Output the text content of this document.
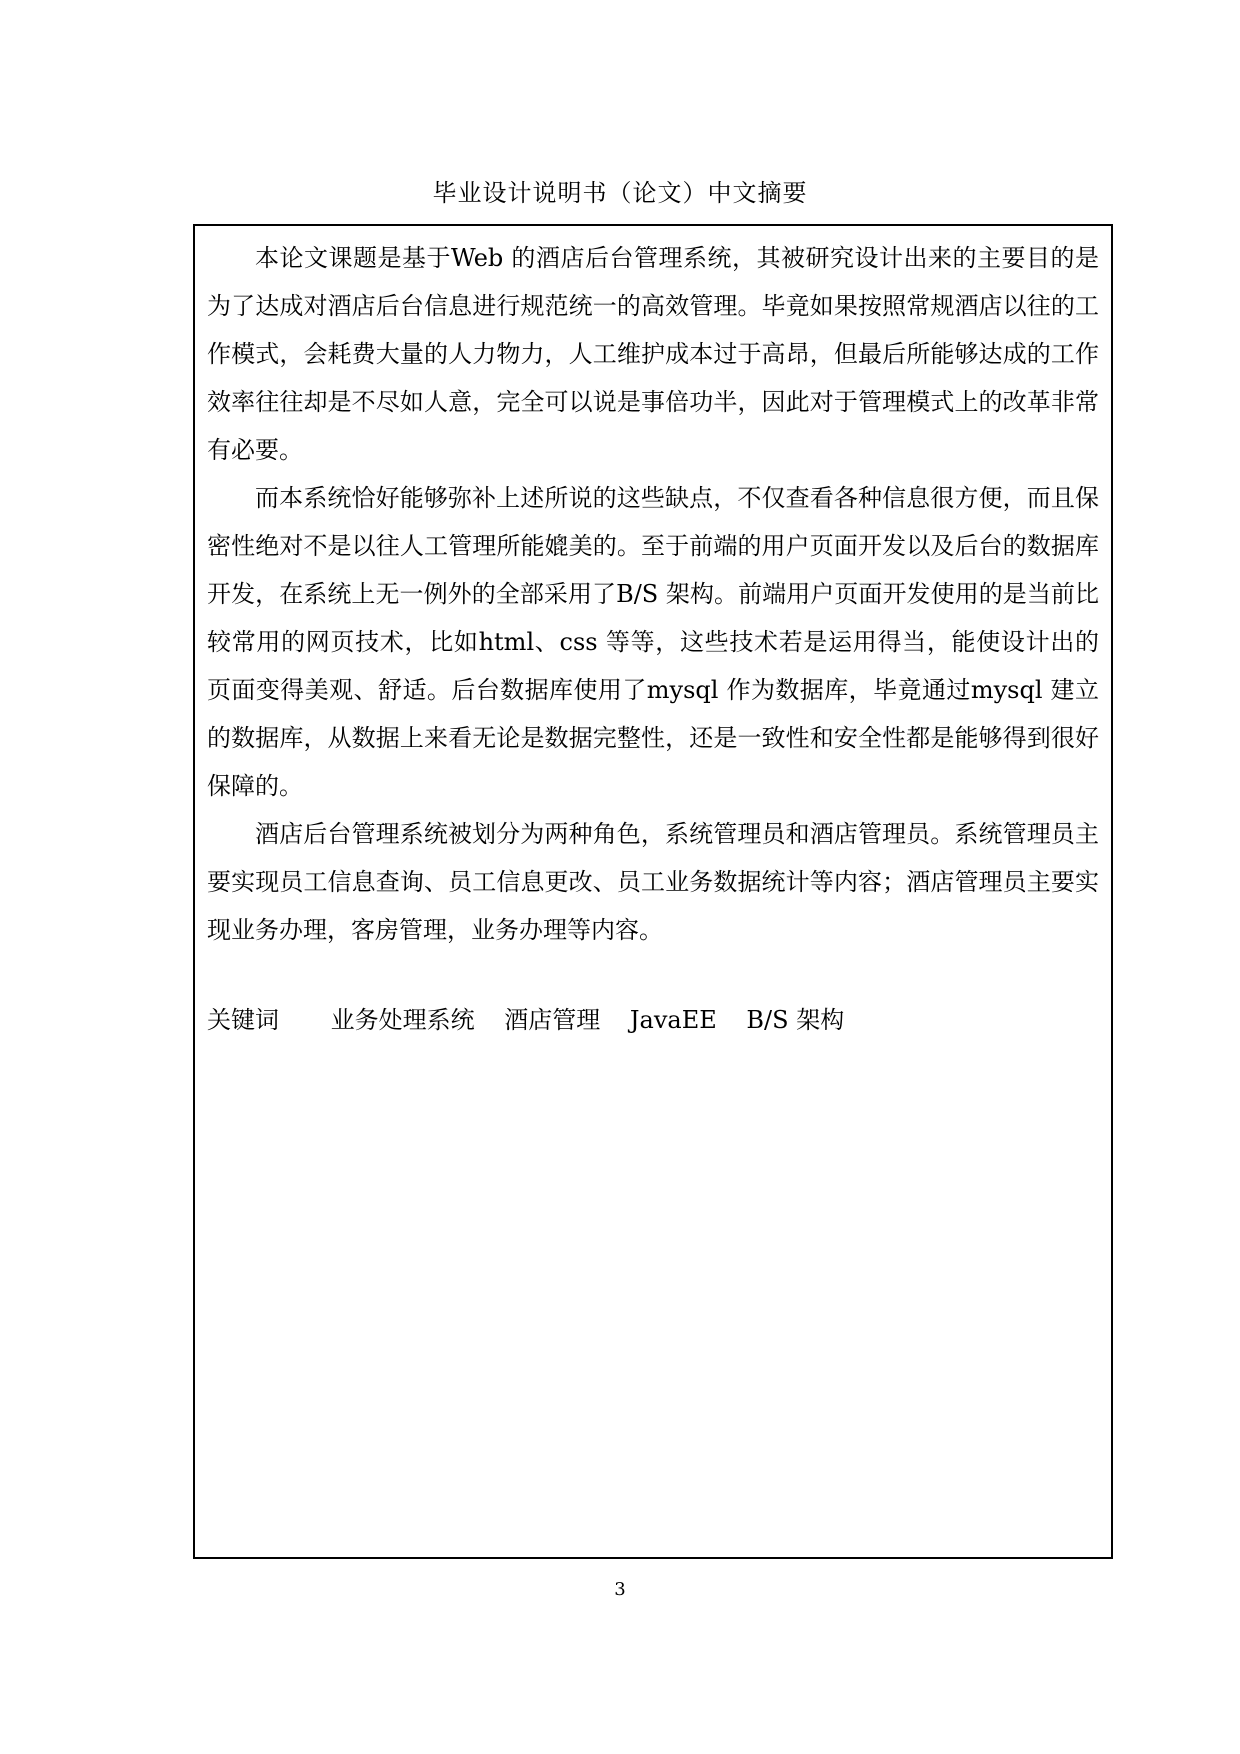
毕业设计说明书（论文）中文摘要

本论文课题是基于Web 的酒店后台管理系统，其被研究设计出来的主要目的是为了达成对酒店后台信息进行规范统一的高效管理。毕竟如果按照常规酒店以往的工作模式，会耗费大量的人力物力，人工维护成本过于高昂，但最后所能够达成的工作效率往往却是不尽如人意，完全可以说是事倍功半，因此对于管理模式上的改革非常有必要。

而本系统恰好能够弥补上述所说的这些缺点，不仅查看各种信息很方便，而且保密性绝对不是以往人工管理所能媲美的。至于前端的用户页面开发以及后台的数据库开发，在系统上无一例外的全部采用了B/S 架构。前端用户页面开发使用的是当前比较常用的网页技术，比如html、css 等等，这些技术若是运用得当，能使设计出的页面变得美观、舒适。后台数据库使用了mysql 作为数据库，毕竟通过mysql 建立的数据库，从数据上来看无论是数据完整性，还是一致性和安全性都是能够得到很好保障的。

酒店后台管理系统被划分为两种角色，系统管理员和酒店管理员。系统管理员主要实现员工信息查询、员工信息更改、员工业务数据统计等内容；酒店管理员主要实现业务办理，客房管理，业务办理等内容。

关键词 业务处理系统 酒店管理 JavaEE B/S 架构
3
